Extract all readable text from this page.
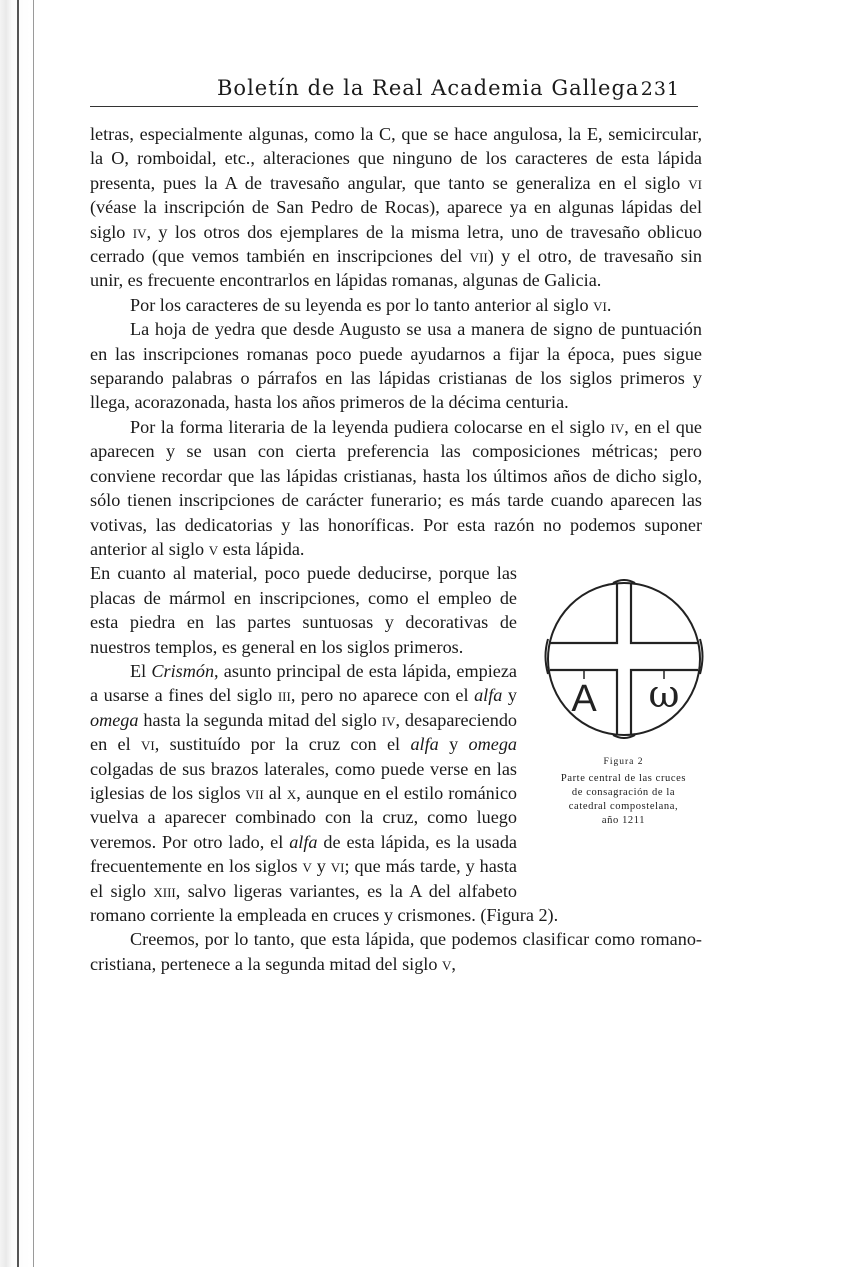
Boletín de la Real Academia Gallega 231

letras, especialmente algunas, como la C, que se hace angulosa, la E, semicircular, la O, romboidal, etc., alteraciones que ninguno de los caracteres de esta lápida presenta, pues la A de travesaño angular, que tanto se generaliza en el siglo vi (véase la inscripción de San Pedro de Rocas), aparece ya en algunas lápidas del siglo iv, y los otros dos ejemplares de la misma letra, uno de travesaño oblicuo cerrado (que vemos también en inscripciones del vii) y el otro, de travesaño sin unir, es frecuente encontrarlos en lápidas romanas, algunas de Galicia.

Por los caracteres de su leyenda es por lo tanto anterior al siglo vi.

La hoja de yedra que desde Augusto se usa a manera de signo de puntuación en las inscripciones romanas poco puede ayudarnos a fijar la época, pues sigue separando palabras o párrafos en las lápidas cristianas de los siglos primeros y llega, acorazonada, hasta los años primeros de la décima centuria.

Por la forma literaria de la leyenda pudiera colocarse en el siglo iv, en el que aparecen y se usan con cierta preferencia las composiciones métricas; pero conviene recordar que las lápidas cristianas, hasta los últimos años de dicho siglo, sólo tienen inscripciones de carácter funerario; es más tarde cuando aparecen las votivas, las dedicatorias y las honoríficas. Por esta razón no podemos suponer anterior al siglo v esta lápida.

A ω
Figura 2
Parte central de las cruces
de consagración de la
catedral compostelana,
año 1211

En cuanto al material, poco puede deducirse, porque las placas de mármol en inscripciones, como el empleo de esta piedra en las partes suntuosas y decorativas de nuestros templos, es general en los siglos primeros.

El Crismón, asunto principal de esta lápida, empieza a usarse a fines del siglo iii, pero no aparece con el alfa y omega hasta la segunda mitad del siglo iv, desapareciendo en el vi, sustituído por la cruz con el alfa y omega colgadas de sus brazos laterales, como puede verse en las iglesias de los siglos vii al x, aunque en el estilo románico vuelva a aparecer combinado con la cruz, como luego veremos. Por otro lado, el alfa de esta lápida, es la usada frecuentemente en los siglos v y vi; que más tarde, y hasta el siglo xiii, salvo ligeras variantes, es la A del alfabeto romano corriente la empleada en cruces y crismones. (Figura 2).

Creemos, por lo tanto, que esta lápida, que podemos clasificar como romano-cristiana, pertenece a la segunda mitad del siglo v,
